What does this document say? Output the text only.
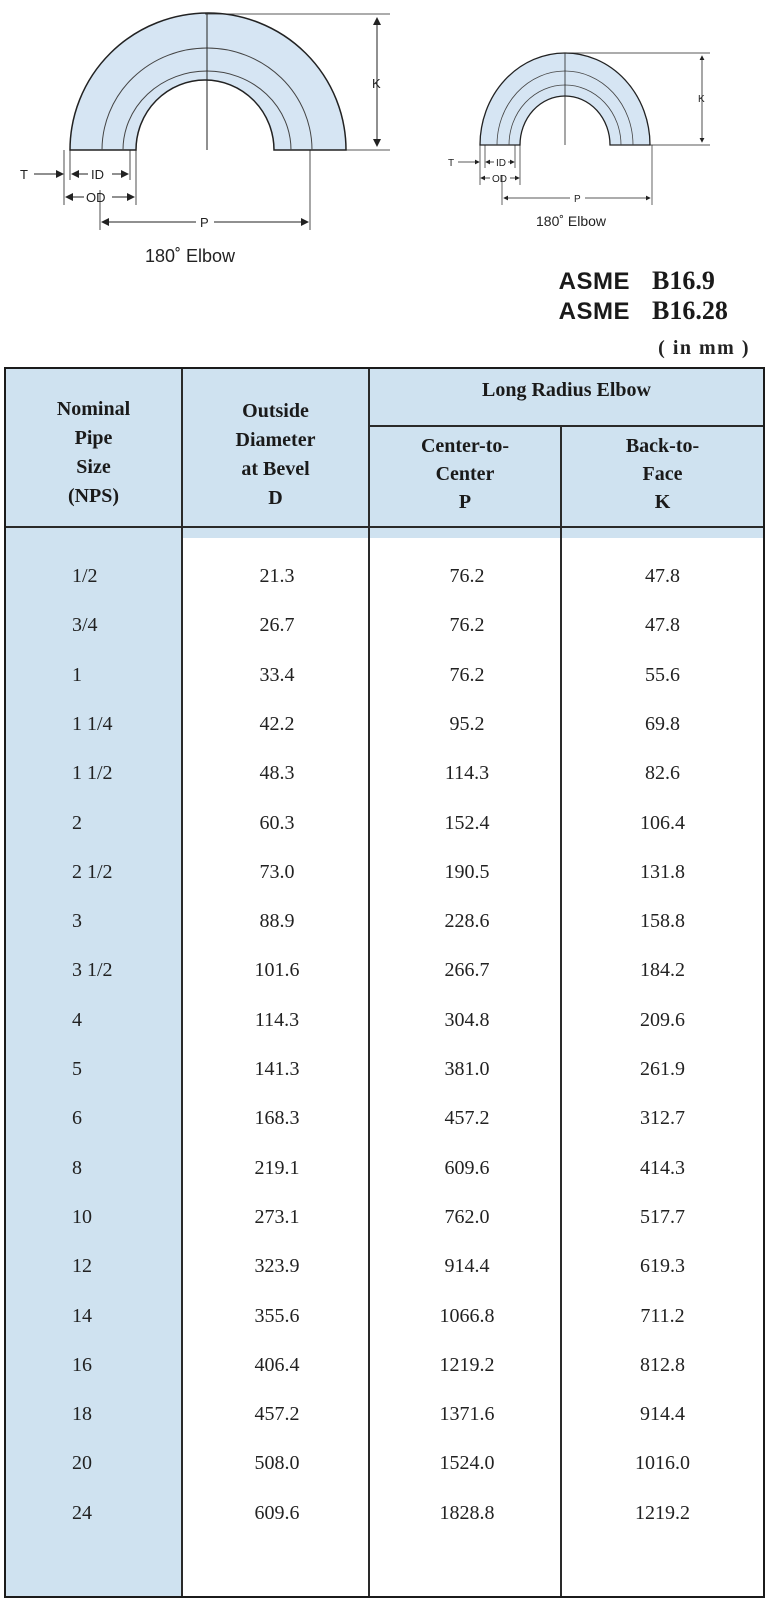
K
T	ID
OD
P
180˚ Elbow
K
T	ID
OD
P
180˚ Elbow
ASME B16.9
ASME B16.28
( in mm )
Nominal
Pipe
Size
(NPS)
Outside
Diameter
at Bevel
D
Long Radius Elbow
Center-to-
Center
P
Back-to-
Face
K
1/2	21.3	76.2	47.8
3/4	26.7	76.2	47.8
1	33.4	76.2	55.6
1 1/4	42.2	95.2	69.8
1 1/2	48.3	114.3	82.6
2	60.3	152.4	106.4
2 1/2	73.0	190.5	131.8
3	88.9	228.6	158.8
3 1/2	101.6	266.7	184.2
4	114.3	304.8	209.6
5	141.3	381.0	261.9
6	168.3	457.2	312.7
8	219.1	609.6	414.3
10	273.1	762.0	517.7
12	323.9	914.4	619.3
14	355.6	1066.8	711.2
16	406.4	1219.2	812.8
18	457.2	1371.6	914.4
20	508.0	1524.0	1016.0
24	609.6	1828.8	1219.2
